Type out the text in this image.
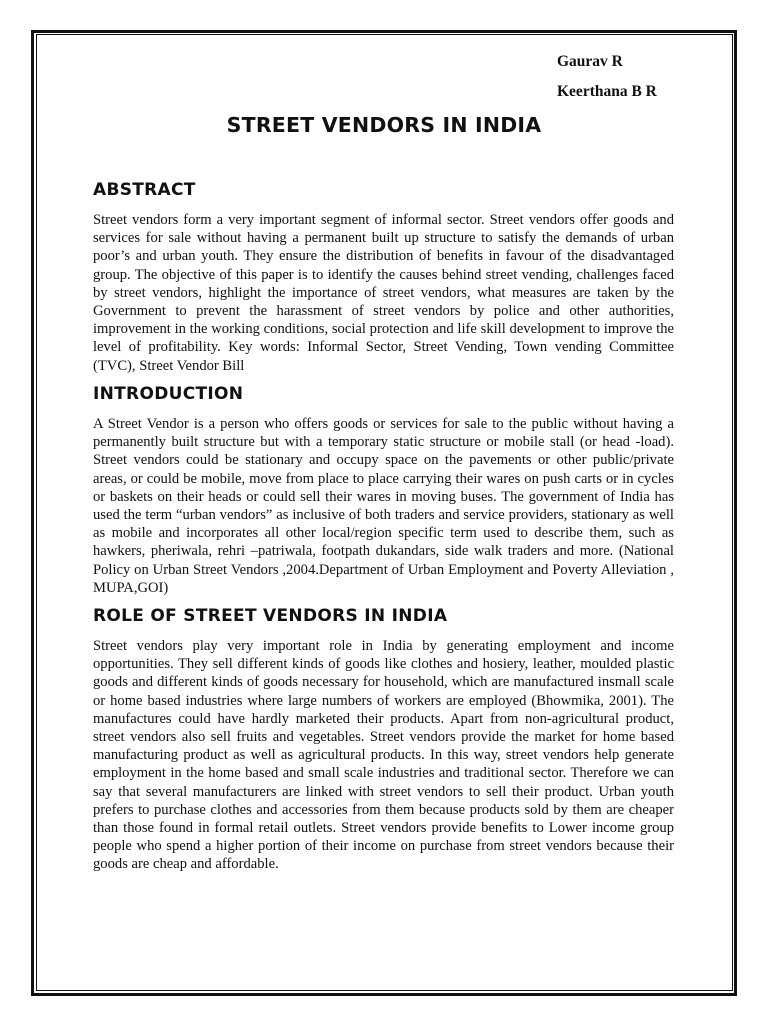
Gaurav R
Keerthana B R
STREET VENDORS IN INDIA
ABSTRACT

Street vendors form a very important segment of informal sector. Street vendors offer goods and services for sale without having a permanent built up structure to satisfy the demands of urban poor’s and urban youth. They ensure the distribution of benefits in favour of the disadvantaged group. The objective of this paper is to identify the causes behind street vending, challenges faced by street vendors, highlight the importance of street vendors, what measures are taken by the Government to prevent the harassment of street vendors by police and other authorities, improvement in the working conditions, social protection and life skill development to improve the level of profitability. Key words: Informal Sector, Street Vending, Town vending Committee (TVC), Street Vendor Bill

INTRODUCTION

A Street Vendor is a person who offers goods or services for sale to the public without having a permanently built structure but with a temporary static structure or mobile stall (or head -load). Street vendors could be stationary and occupy space on the pavements or other public/private areas, or could be mobile, move from place to place carrying their wares on push carts or in cycles or baskets on their heads or could sell their wares in moving buses. The government of India has used the term “urban vendors” as inclusive of both traders and service providers, stationary as well as mobile and incorporates all other local/region specific term used to describe them, such as hawkers, pheriwala, rehri –patriwala, footpath dukandars, side walk traders and more. (National Policy on Urban Street Vendors ,2004.Department of Urban Employment and Poverty Alleviation , MUPA,GOI)

ROLE OF STREET VENDORS IN INDIA

Street vendors play very important role in India by generating employment and income opportunities. They sell different kinds of goods like clothes and hosiery, leather, moulded plastic goods and different kinds of goods necessary for household, which are manufactured insmall scale or home based industries where large numbers of workers are employed (Bhowmika, 2001). The manufactures could have hardly marketed their products. Apart from non-agricultural product, street vendors also sell fruits and vegetables. Street vendors provide the market for home based manufacturing product as well as agricultural products. In this way, street vendors help generate employment in the home based and small scale industries and traditional sector. Therefore we can say that several manufacturers are linked with street vendors to sell their product. Urban youth prefers to purchase clothes and accessories from them because products sold by them are cheaper than those found in formal retail outlets. Street vendors provide benefits to Lower income group people who spend a higher portion of their income on purchase from street vendors because their goods are cheap and affordable.
